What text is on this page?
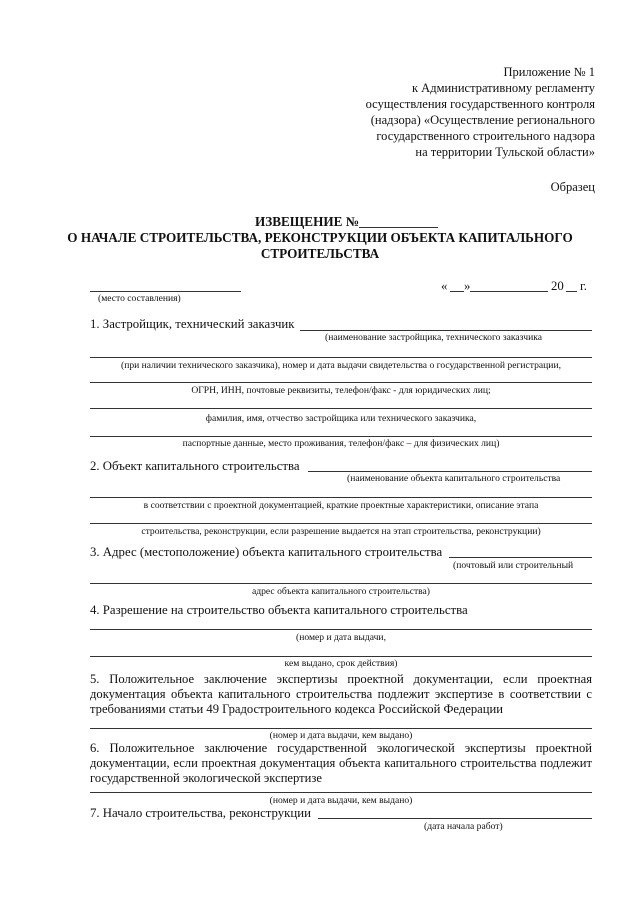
Приложение № 1
к Административному регламенту
осуществления государственного контроля
(надзора) «Осуществление регионального
государственного строительного надзора
на территории Тульской области»
Образец
ИЗВЕЩЕНИЕ №
О НАЧАЛЕ СТРОИТЕЛЬСТВА, РЕКОНСТРУКЦИИ ОБЪЕКТА КАПИТАЛЬНОГО
СТРОИТЕЛЬСТВА
(место составления)
« »	20 г.
1. Застройщик, технический заказчик
(наименование застройщика, технического заказчика
(при наличии технического заказчика), номер и дата выдачи свидетельства о государственной регистрации,
ОГРН, ИНН, почтовые реквизиты, телефон/факс - для юридических лиц;
фамилия, имя, отчество застройщика или технического заказчика,
паспортные данные, место проживания, телефон/факс – для физических лиц)
2. Объект капитального строительства
(наименование объекта капитального строительства
в соответствии с проектной документацией, краткие проектные характеристики, описание этапа
строительства, реконструкции, если разрешение выдается на этап строительства, реконструкции)
3. Адрес (местоположение) объекта капитального строительства
(почтовый или строительный
адрес объекта капитального строительства)
4. Разрешение на строительство объекта капитального строительства
(номер и дата выдачи,
кем выдано, срок действия)
5. Положительное заключение экспертизы проектной документации, если проектная документация объекта капитального строительства подлежит экспертизе в соответствии с требованиями статьи 49 Градостроительного кодекса Российской Федерации
(номер и дата выдачи, кем выдано)
6. Положительное заключение государственной экологической экспертизы проектной документации, если проектная документация объекта капитального строительства подлежит государственной экологической экспертизе
(номер и дата выдачи, кем выдано)
7. Начало строительства, реконструкции
(дата начала работ)
